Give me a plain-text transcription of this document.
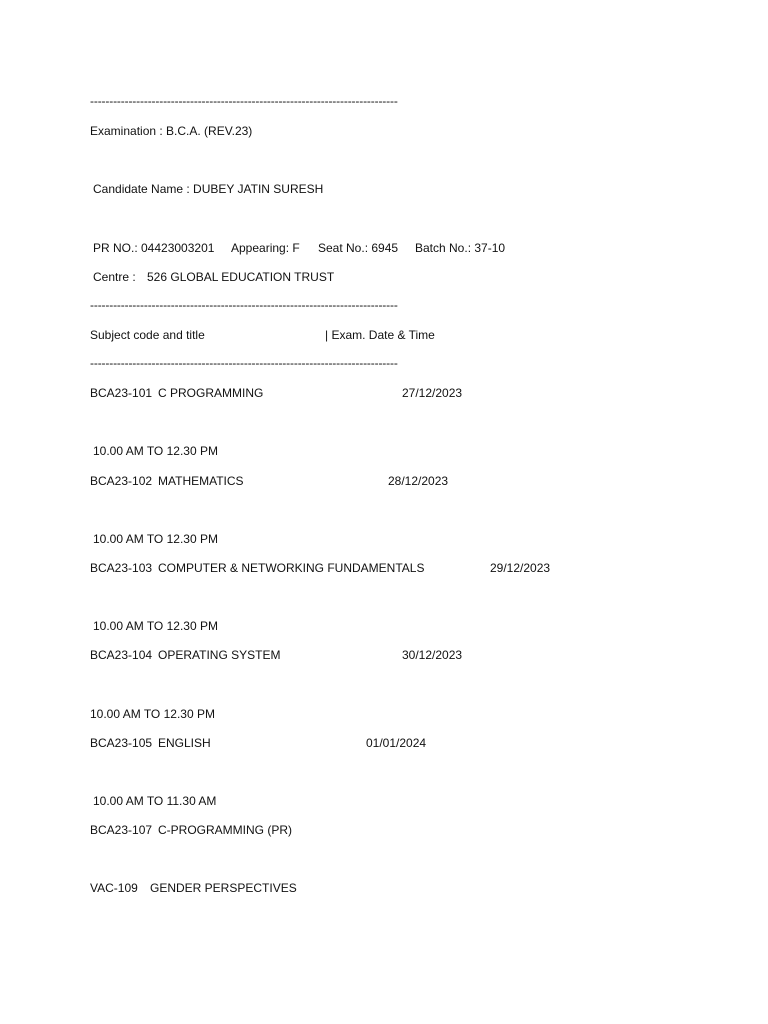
--------------------------------------------------------------------------------
Examination : B.C.A. (REV.23)
Candidate Name : DUBEY JATIN SURESH
PR NO.: 04423003201 Appearing: F Seat No.: 6945 Batch No.: 37-10
Centre : 526 GLOBAL EDUCATION TRUST
--------------------------------------------------------------------------------
Subject code and title	| Exam. Date & Time
--------------------------------------------------------------------------------
BCA23-101 C PROGRAMMING	27/12/2023
10.00 AM TO 12.30 PM
BCA23-102 MATHEMATICS	28/12/2023
10.00 AM TO 12.30 PM
BCA23-103 COMPUTER & NETWORKING FUNDAMENTALS	29/12/2023
10.00 AM TO 12.30 PM
BCA23-104 OPERATING SYSTEM	30/12/2023
10.00 AM TO 12.30 PM
BCA23-105 ENGLISH	01/01/2024
10.00 AM TO 11.30 AM
BCA23-107 C-PROGRAMMING (PR)
VAC-109 GENDER PERSPECTIVES
